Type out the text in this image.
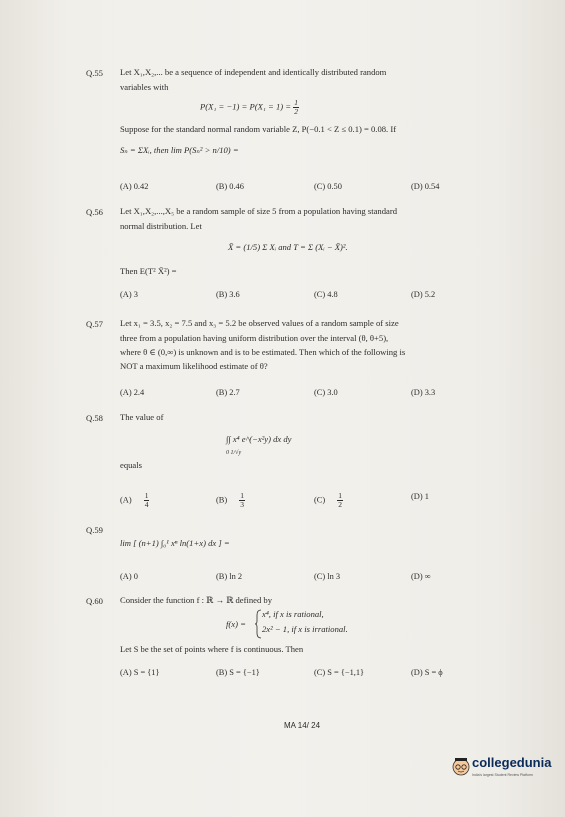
Q.55 Let X₁,X₂,... be a sequence of independent and identically distributed random
variables with
$P(X_1 = -1) = P(X_1 = 1) = \frac{1}{2}$
Suppose for the standard normal random variable Z, P(−0.1 < Z ≤ 0.1) = 0.08. If
Sₙ = ΣXᵢ, then lim P(Sₙ² > n/10) =
(A) 0.42	(B) 0.46	(C) 0.50	(D) 0.54
Q.56 Let X₁,X₂,...,X₅ be a random sample of size 5 from a population having standard
normal distribution. Let
X̄ = (1/5) Σ Xᵢ and T = Σ (Xᵢ − X̄)².
Then E(T² X̄²) =
(A) 3	(B) 3.6	(C) 4.8	(D) 5.2
Q.57 Let x₁ = 3.5, x₂ = 7.5 and x₃ = 5.2 be observed values of a random sample of size
three from a population having uniform distribution over the interval (θ, θ+5),
where θ ∈ (0,∞) is unknown and is to be estimated. Then which of the following is
NOT a maximum likelihood estimate of θ?
(A) 2.4	(B) 2.7	(C) 3.0	(D) 3.3
Q.58 The value of
∫∫ x⁴ e^(−x²y) dx dy
0 1/√y
equals
$(A) \frac{1}{4}$	$(B) \frac{1}{3}$	$(C) \frac{1}{2}$	(D) 1
Q.59
lim [ (n+1) ∫₀¹ xⁿ ln(1+x) dx ] =
(A) 0	(B) ln 2	(C) ln 3	(D) ∞
Q.60 Consider the function f : ℝ → ℝ defined by
f(x) =
x⁴, if x is rational,
2x² − 1, if x is irrational.
Let S be the set of points where f is continuous. Then
(A) S = {1}	(B) S = {−1}	(C) S = {−1,1}	(D) S = ϕ
MA 14/ 24
collegedunia
India's largest Student Review Platform
